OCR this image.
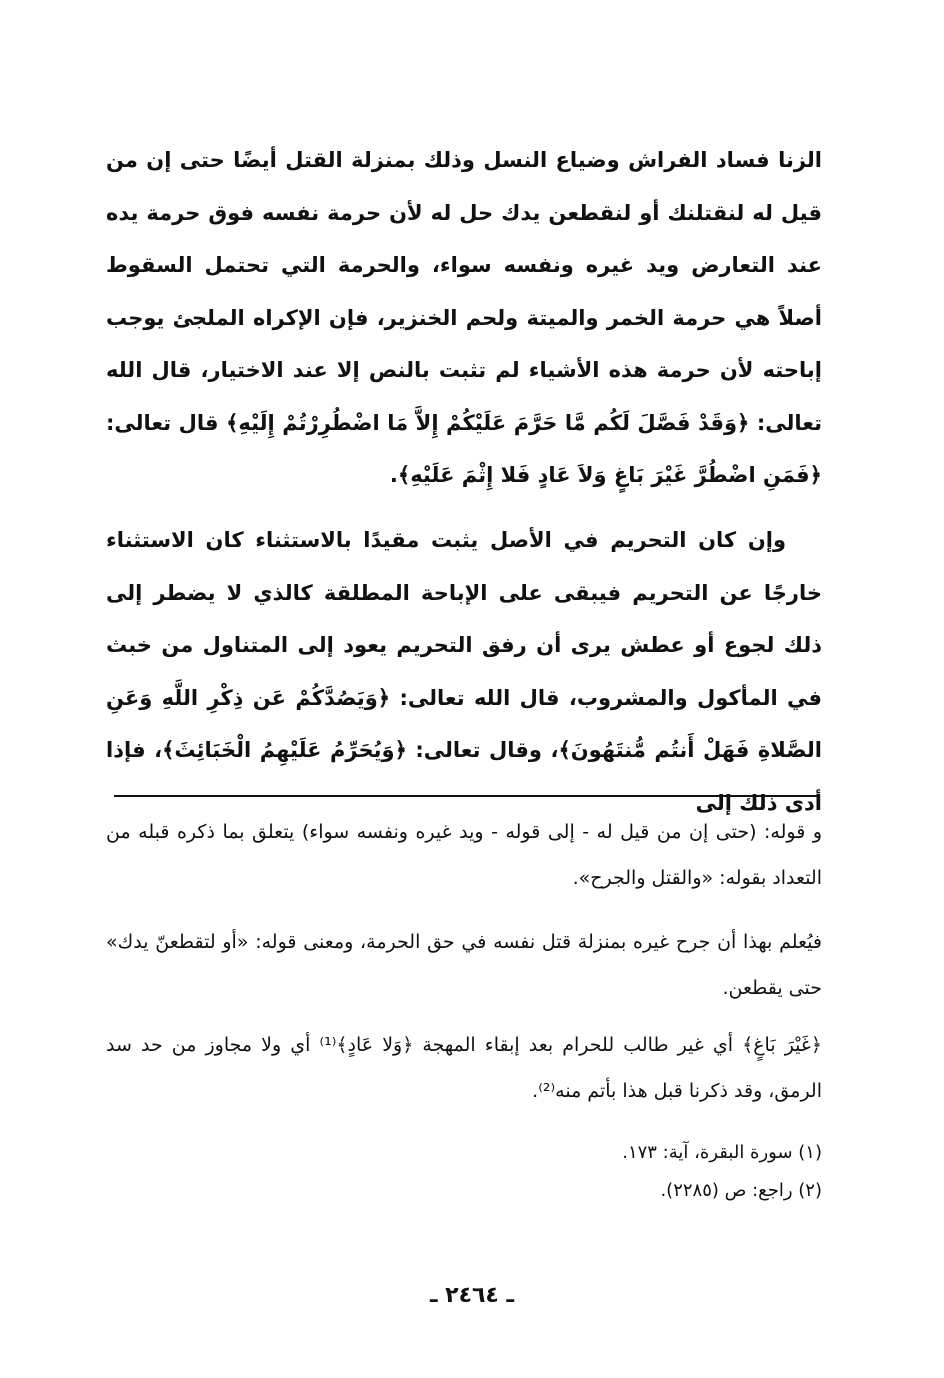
الزنا فساد الفراش وضياع النسل وذلك بمنزلة القتل أيضًا حتى إن من قيل له لنقتلنك أو لنقطعن يدك حل له لأن حرمة نفسه فوق حرمة يده عند التعارض ويد غيره ونفسه سواء، والحرمة التي تحتمل السقوط أصلاً هي حرمة الخمر والميتة ولحم الخنزير، فإن الإكراه الملجئ يوجب إباحته لأن حرمة هذه الأشياء لم تثبت بالنص إلا عند الاختيار، قال الله تعالى: ﴿وَقَدْ فَصَّلَ لَكُم مَّا حَرَّمَ عَلَيْكُمْ إِلاَّ مَا اضْطُرِرْتُمْ إِلَيْهِ﴾ قال تعالى: ﴿فَمَنِ اضْطُرَّ غَيْرَ بَاغٍ وَلاَ عَادٍ فَلا إِثْمَ عَلَيْهِ﴾.

وإن كان التحريم في الأصل يثبت مقيدًا بالاستثناء كان الاستثناء خارجًا عن التحريم فيبقى على الإباحة المطلقة كالذي لا يضطر إلى ذلك لجوع أو عطش يرى أن رفق التحريم يعود إلى المتناول من خبث في المأكول والمشروب، قال الله تعالى: ﴿وَيَصُدَّكُمْ عَن ذِكْرِ اللَّهِ وَعَنِ الصَّلاةِ فَهَلْ أَنتُم مُّنتَهُونَ﴾، وقال تعالى: ﴿وَيُحَرِّمُ عَلَيْهِمُ الْخَبَائِثَ﴾، فإذا أدى ذلك إلى

و قوله: (حتى إن من قيل له - إلى قوله - ويد غيره ونفسه سواء) يتعلق بما ذكره قبله من التعداد بقوله: «والقتل والجرح».

فيُعلم بهذا أن جرح غيره بمنزلة قتل نفسه في حق الحرمة، ومعنى قوله: «أو لتقطعنّ يدك» حتى يقطعن.

﴿غَيْرَ بَاغٍ﴾ أي غير طالب للحرام بعد إبقاء المهجة ﴿وَلا عَادٍ﴾⁽¹⁾ أي ولا مجاوز من حد سد الرمق، وقد ذكرنا قبل هذا بأتم منه⁽²⁾.

(١) سورة البقرة، آية: ١٧٣.

(٢) راجع: ص (٢٢٨٥).

ـ ٢٤٦٤ ـ
